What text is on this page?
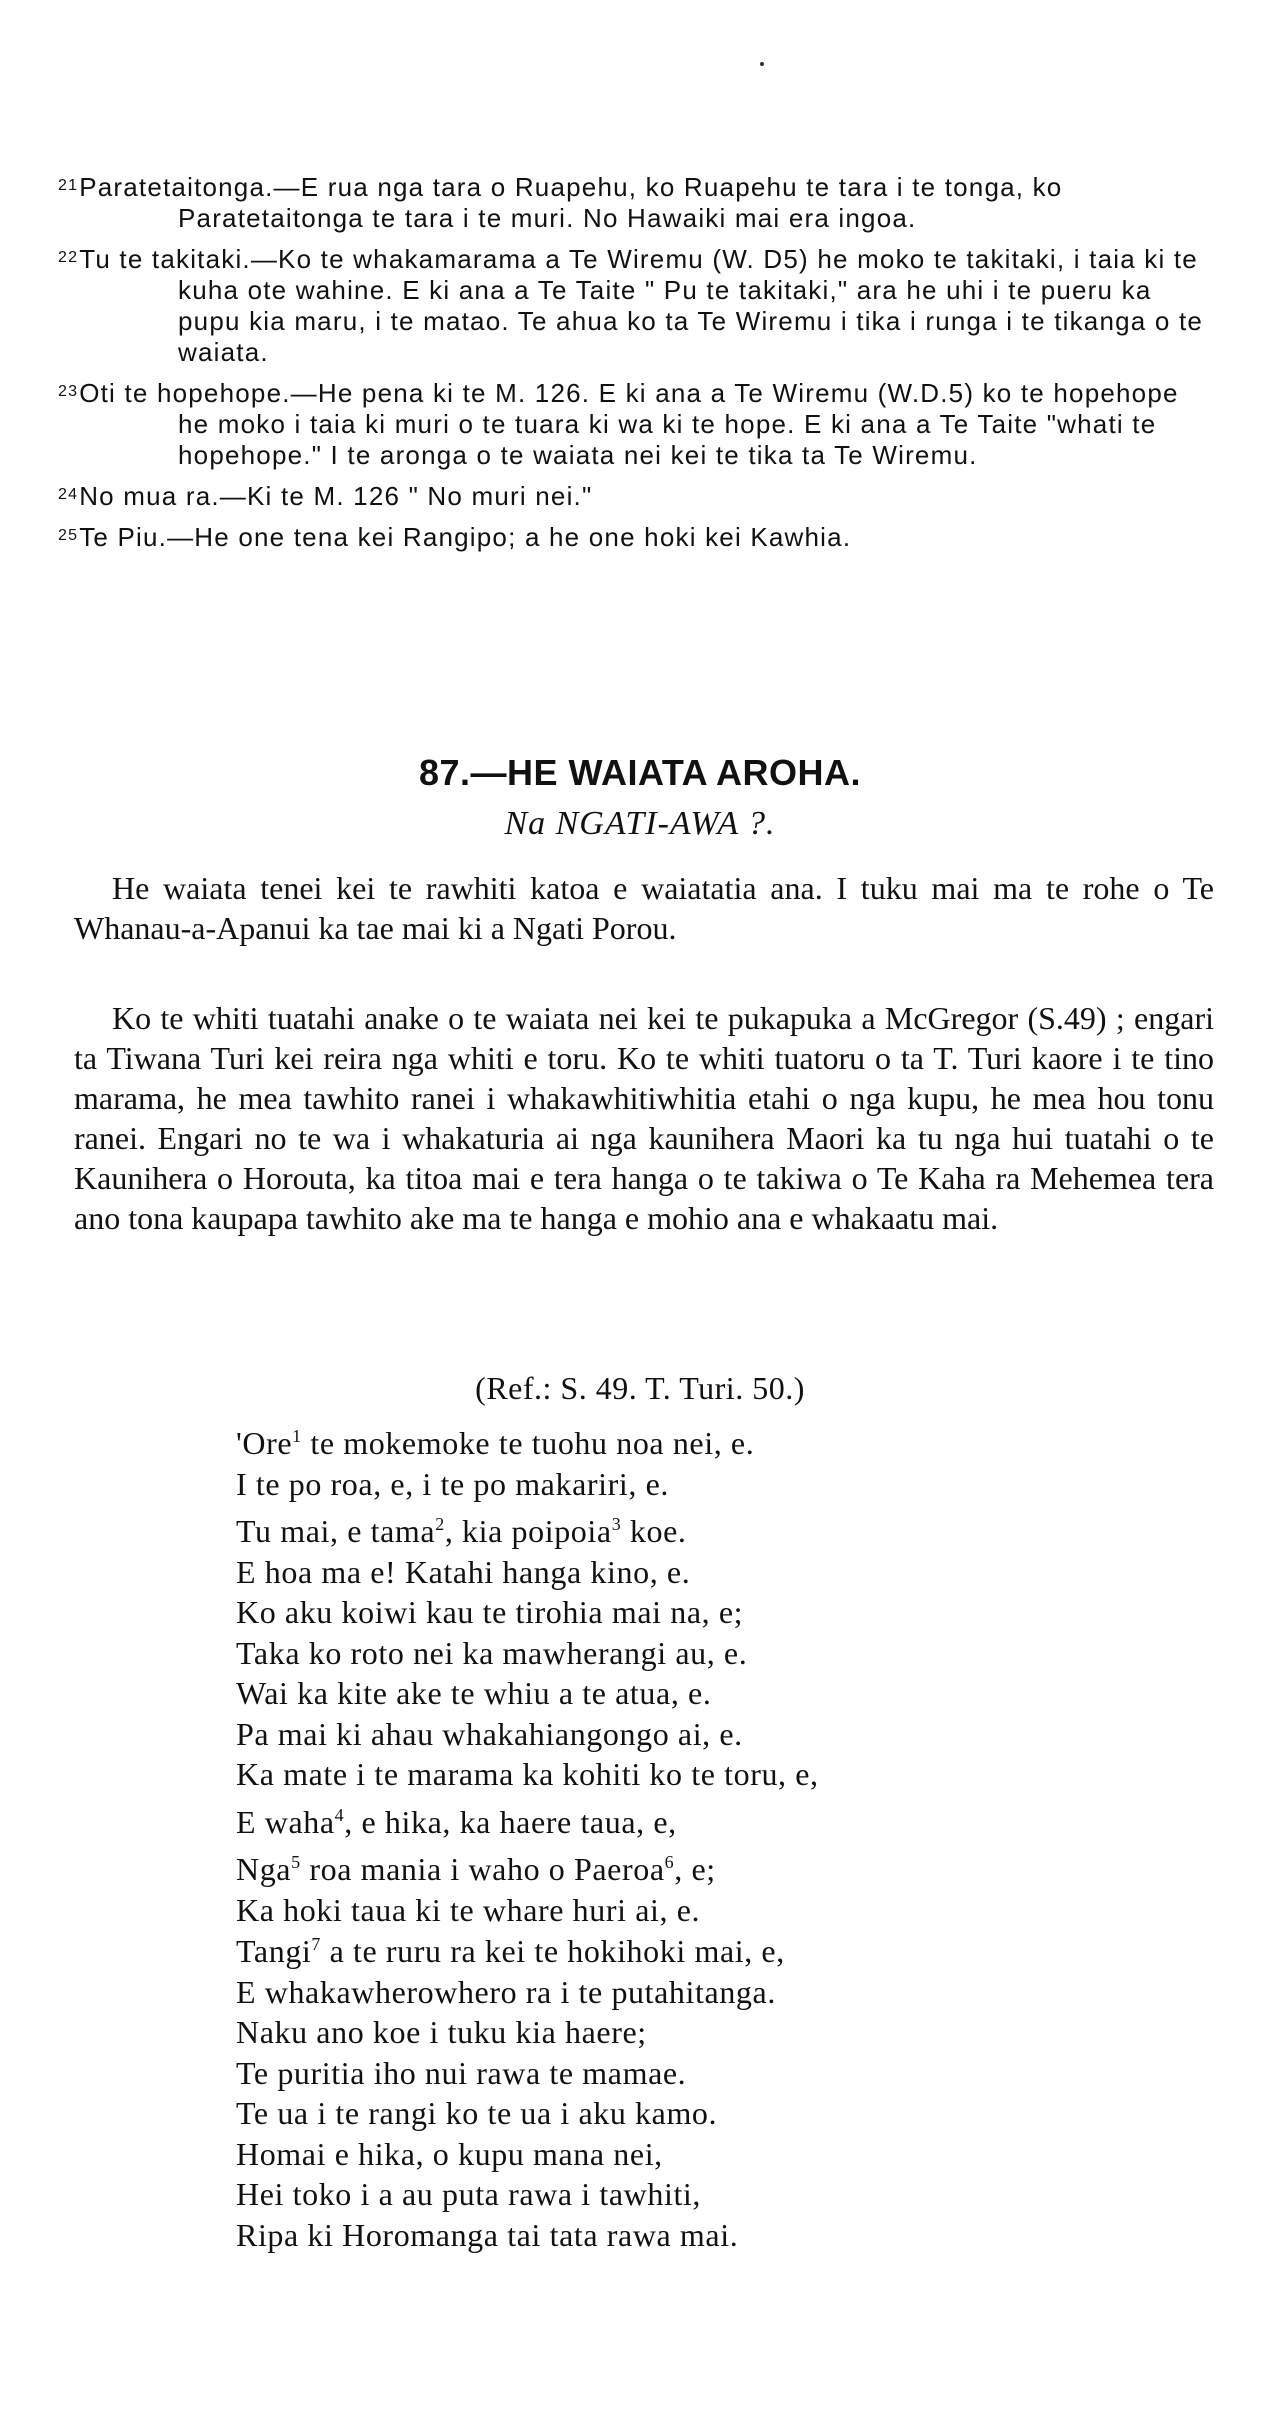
$^{21}$Paratetaitonga.—E rua nga tara o Ruapehu, ko Ruapehu te tara i te tonga, ko Paratetaitonga te tara i te muri. No Hawaiki mai era ingoa.
$^{22}$Tu te takitaki.—Ko te whakamarama a Te Wiremu (W. D5) he moko te takitaki, i taia ki te kuha ote wahine. E ki ana a Te Taite " Pu te takitaki," ara he uhi i te pueru ka pupu kia maru, i te matao. Te ahua ko ta Te Wiremu i tika i runga i te tikanga o te waiata.
$^{23}$Oti te hopehope.—He pena ki te M. 126. E ki ana a Te Wiremu (W.D.5) ko te hopehope he moko i taia ki muri o te tuara ki wa ki te hope. E ki ana a Te Taite "whati te hopehope." I te aronga o te waiata nei kei te tika ta Te Wiremu.
$^{24}$No mua ra.—Ki te M. 126 " No muri nei."
$^{25}$Te Piu.—He one tena kei Rangipo; a he one hoki kei Kawhia.
87.—HE WAIATA AROHA.
Na NGATI-AWA ?.

He waiata tenei kei te rawhiti katoa e waiatatia ana. I tuku mai ma te rohe o Te Whanau-a-Apanui ka tae mai ki a Ngati Porou.

Ko te whiti tuatahi anake o te waiata nei kei te pukapuka a McGregor (S.49) ; engari ta Tiwana Turi kei reira nga whiti e toru. Ko te whiti tuatoru o ta T. Turi kaore i te tino marama, he mea tawhito ranei i whakawhitiwhitia etahi o nga kupu, he mea hou tonu ranei. Engari no te wa i whakaturia ai nga kaunihera Maori ka tu nga hui tuatahi o te Kaunihera o Horouta, ka titoa mai e tera hanga o te takiwa o Te Kaha ra Mehemea tera ano tona kaupapa tawhito ake ma te hanga e mohio ana e whakaatu mai.

(Ref.: S. 49. T. Turi. 50.)
'Ore$^1$ te mokemoke te tuohu noa nei, e.
I te po roa, e, i te po makariri, e.
Tu mai, e tama$^2$, kia poipoia$^3$ koe.
E hoa ma e! Katahi hanga kino, e.
Ko aku koiwi kau te tirohia mai na, e;
Taka ko roto nei ka mawherangi au, e.
Wai ka kite ake te whiu a te atua, e.
Pa mai ki ahau whakahiangongo ai, e.
Ka mate i te marama ka kohiti ko te toru, e,
E waha$^4$, e hika, ka haere taua, e,
Nga$^5$ roa mania i waho o Paeroa$^6$, e;
Ka hoki taua ki te whare huri ai, e.
Tangi$^7$ a te ruru ra kei te hokihoki mai, e,
E whakawherowhero ra i te putahitanga.
Naku ano koe i tuku kia haere;
Te puritia iho nui rawa te mamae.
Te ua i te rangi ko te ua i aku kamo.
Homai e hika, o kupu mana nei,
Hei toko i a au puta rawa i tawhiti,
Ripa ki Horomanga tai tata rawa mai.
